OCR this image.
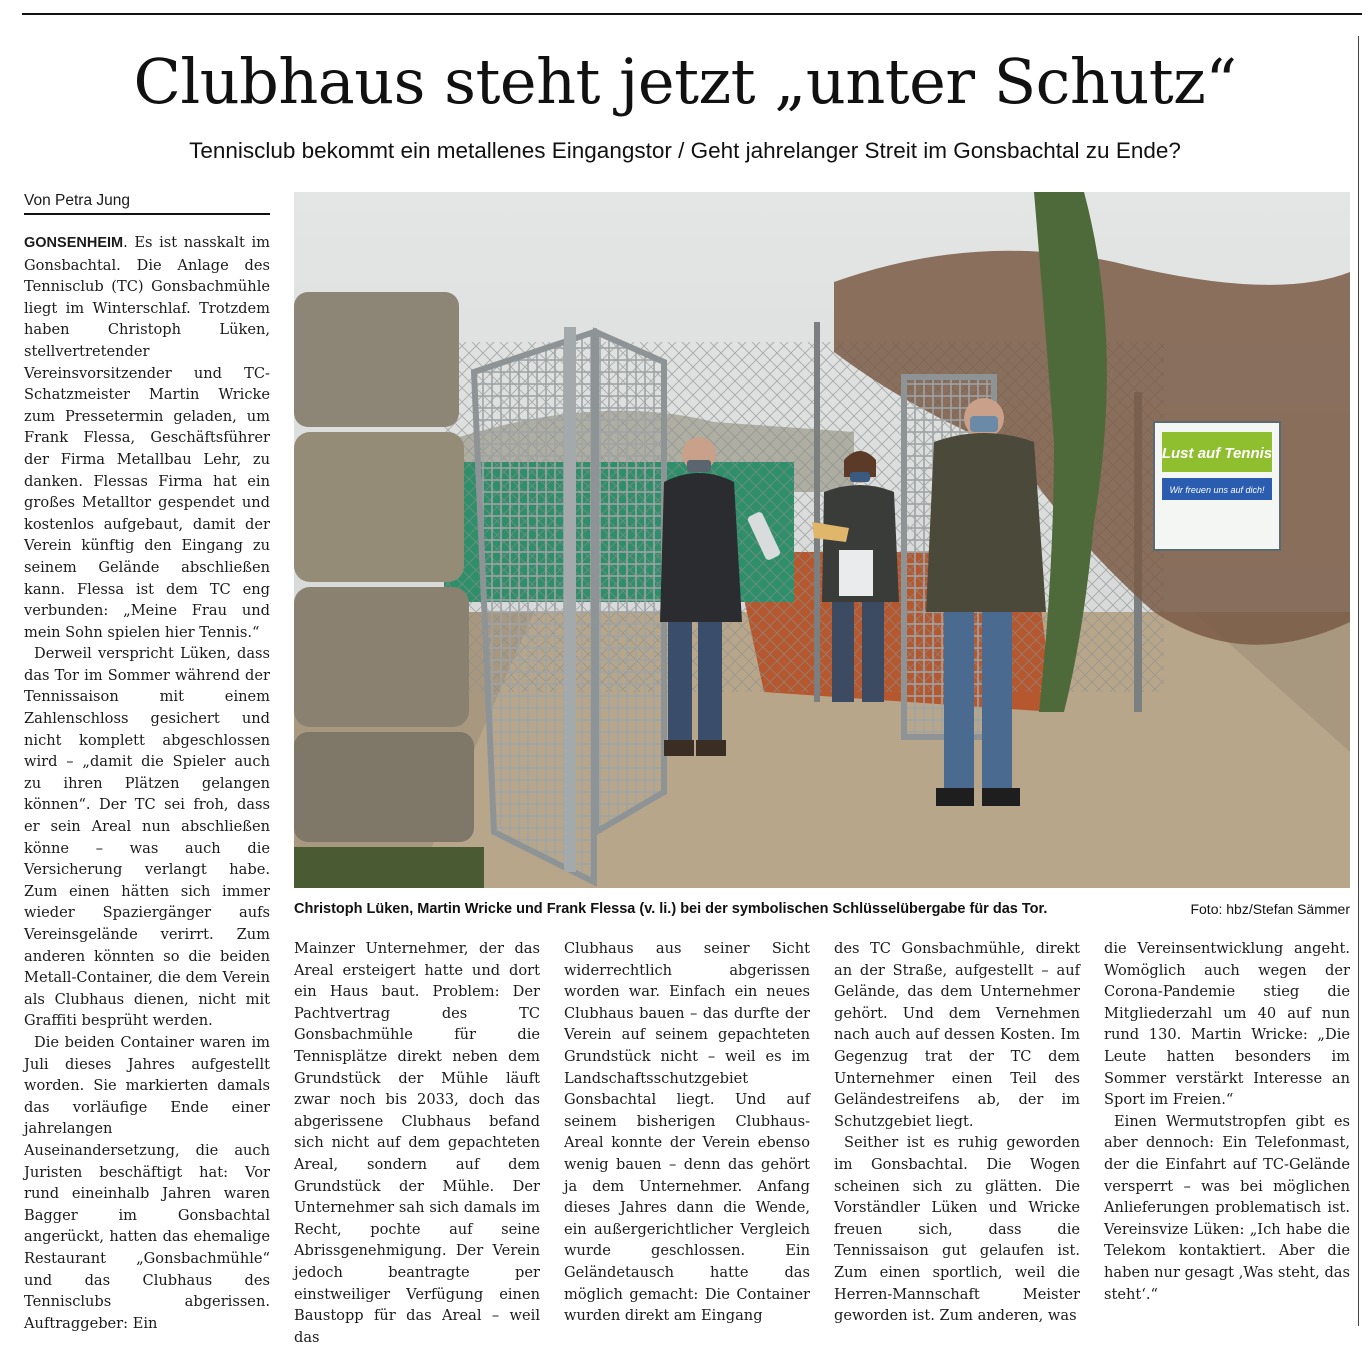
Clubhaus steht jetzt „unter Schutz“
Tennisclub bekommt ein metallenes Eingangstor / Geht jahrelanger Streit im Gonsbachtal zu Ende?
Von Petra Jung

GONSENHEIM. Es ist nasskalt im Gonsbachtal. Die Anlage des Tennisclub (TC) Gonsbachmühle liegt im Winterschlaf. Trotzdem haben Christoph Lüken, stellvertretender Vereinsvorsitzender und TC-Schatzmeister Martin Wricke zum Pressetermin geladen, um Frank Flessa, Geschäftsführer der Firma Metallbau Lehr, zu danken. Flessas Firma hat ein großes Metalltor gespendet und kostenlos aufgebaut, damit der Verein künftig den Eingang zu seinem Gelände abschließen kann. Flessa ist dem TC eng verbunden: „Meine Frau und mein Sohn spielen hier Tennis.“

Derweil verspricht Lüken, dass das Tor im Sommer während der Tennissaison mit einem Zahlenschloss gesichert und nicht komplett abgeschlossen wird – „damit die Spieler auch zu ihren Plätzen gelangen können“. Der TC sei froh, dass er sein Areal nun abschließen könne – was auch die Versicherung verlangt habe. Zum einen hätten sich immer wieder Spaziergänger aufs Vereinsgelände verirrt. Zum anderen könnten so die beiden Metall-Container, die dem Verein als Clubhaus dienen, nicht mit Graffiti besprüht werden.

Die beiden Container waren im Juli dieses Jahres aufgestellt worden. Sie markierten damals das vorläufige Ende einer jahrelangen Auseinandersetzung, die auch Juristen beschäftigt hat: Vor rund eineinhalb Jahren waren Bagger im Gonsbachtal angerückt, hatten das ehemalige Restaurant „Gonsbachmühle“ und das Clubhaus des Tennisclubs abgerissen. Auftraggeber: Ein

Lust auf Tennis
Wir freuen uns auf dich!
Christoph Lüken, Martin Wricke und Frank Flessa (v. li.) bei der symbolischen Schlüsselübergabe für das Tor.	Foto: hbz/Stefan Sämmer

Mainzer Unternehmer, der das Areal ersteigert hatte und dort ein Haus baut. Problem: Der Pachtvertrag des TC Gonsbachmühle für die Tennisplätze direkt neben dem Grundstück der Mühle läuft zwar noch bis 2033, doch das abgerissene Clubhaus befand sich nicht auf dem gepachteten Areal, sondern auf dem Grundstück der Mühle. Der Unternehmer sah sich damals im Recht, pochte auf seine Abrissgenehmigung. Der Verein jedoch beantragte per einstweiliger Verfügung einen Baustopp für das Areal – weil das

Clubhaus aus seiner Sicht widerrechtlich abgerissen worden war. Einfach ein neues Clubhaus bauen – das durfte der Verein auf seinem gepachteten Grundstück nicht – weil es im Landschaftsschutzgebiet Gonsbachtal liegt. Und auf seinem bisherigen Clubhaus-Areal konnte der Verein ebenso wenig bauen – denn das gehört ja dem Unternehmer. Anfang dieses Jahres dann die Wende, ein außergerichtlicher Vergleich wurde geschlossen. Ein Geländetausch hatte das möglich gemacht: Die Container wurden direkt am Eingang

des TC Gonsbachmühle, direkt an der Straße, aufgestellt – auf Gelände, das dem Unternehmer gehört. Und dem Vernehmen nach auch auf dessen Kosten. Im Gegenzug trat der TC dem Unternehmer einen Teil des Geländestreifens ab, der im Schutzgebiet liegt.

Seither ist es ruhig geworden im Gonsbachtal. Die Wogen scheinen sich zu glätten. Die Vorständler Lüken und Wricke freuen sich, dass die Tennissaison gut gelaufen ist. Zum einen sportlich, weil die Herren-Mannschaft Meister geworden ist. Zum anderen, was

die Vereinsentwicklung angeht. Womöglich auch wegen der Corona-Pandemie stieg die Mitgliederzahl um 40 auf nun rund 130. Martin Wricke: „Die Leute hatten besonders im Sommer verstärkt Interesse an Sport im Freien.“

Einen Wermutstropfen gibt es aber dennoch: Ein Telefonmast, der die Einfahrt auf TC-Gelände versperrt – was bei möglichen Anlieferungen problematisch ist. Vereinsvize Lüken: „Ich habe die Telekom kontaktiert. Aber die haben nur gesagt ‚Was steht, das steht‘.“
